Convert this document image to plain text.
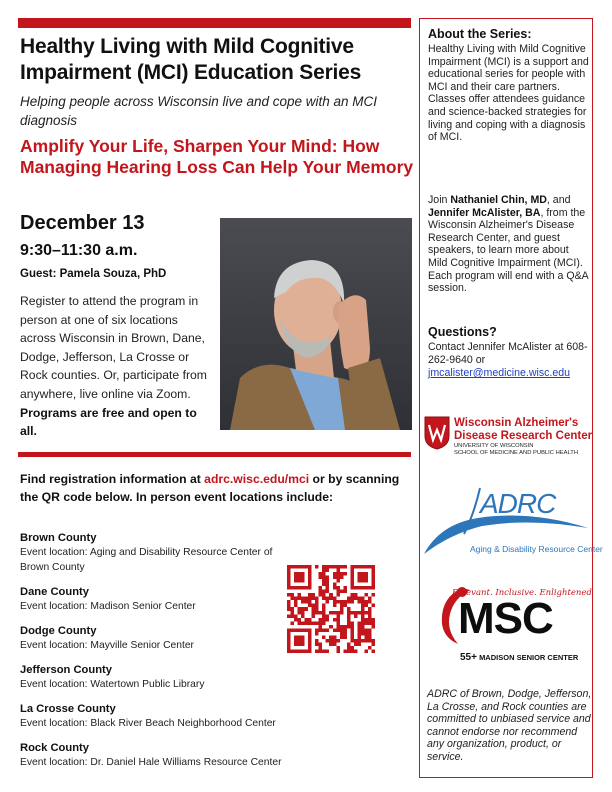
Healthy Living with Mild Cognitive Impairment (MCI) Education Series

Helping people across Wisconsin live and cope with an MCI diagnosis

Amplify Your Life, Sharpen Your Mind: How Managing Hearing Loss Can Help Your Memory
December 13
9:30–11:30 a.m.
Guest: Pamela Souza, PhD

Register to attend the program in person at one of six locations across Wisconsin in Brown, Dane, Dodge, Jefferson, La Crosse or Rock counties. Or, participate from anywhere, live online via Zoom. Programs are free and open to all.

Find registration information at adrc.wisc.edu/mci or by scanning the QR code below. In person event locations include:

Brown County
Event location: Aging and Disability Resource Center of Brown County
Dane County
Event location: Madison Senior Center
Dodge County
Event location: Mayville Senior Center
Jefferson County
Event location: Watertown Public Library
La Crosse County
Event location: Black River Beach Neighborhood Center
Rock County
Event location: Dr. Daniel Hale Williams Resource Center
About the Series:

Healthy Living with Mild Cognitive Impairment (MCI) is a support and educational series for people with MCI and their care partners. Classes offer attendees guidance and science-backed strategies for living and coping with a diagnosis of MCI.

Join Nathaniel Chin, MD, and Jennifer McAlister, BA, from the Wisconsin Alzheimer's Disease Research Center, and guest speakers, to learn more about Mild Cognitive Impairment (MCI). Each program will end with a Q&A session.

Questions?

Contact Jennifer McAlister at 608-262-9640 or

jmcalister@medicine.wisc.edu

Wisconsin Alzheimer's
Disease Research Center
UNIVERSITY OF WISCONSIN
SCHOOL OF MEDICINE AND PUBLIC HEALTH
ADRC
Aging & Disability Resource Center
Relevant. Inclusive. Enlightened
MSC
55+ MADISON SENIOR CENTER

ADRC of Brown, Dodge, Jefferson, La Crosse, and Rock counties are committed to unbiased service and cannot endorse nor recommend any organization, product, or service.
